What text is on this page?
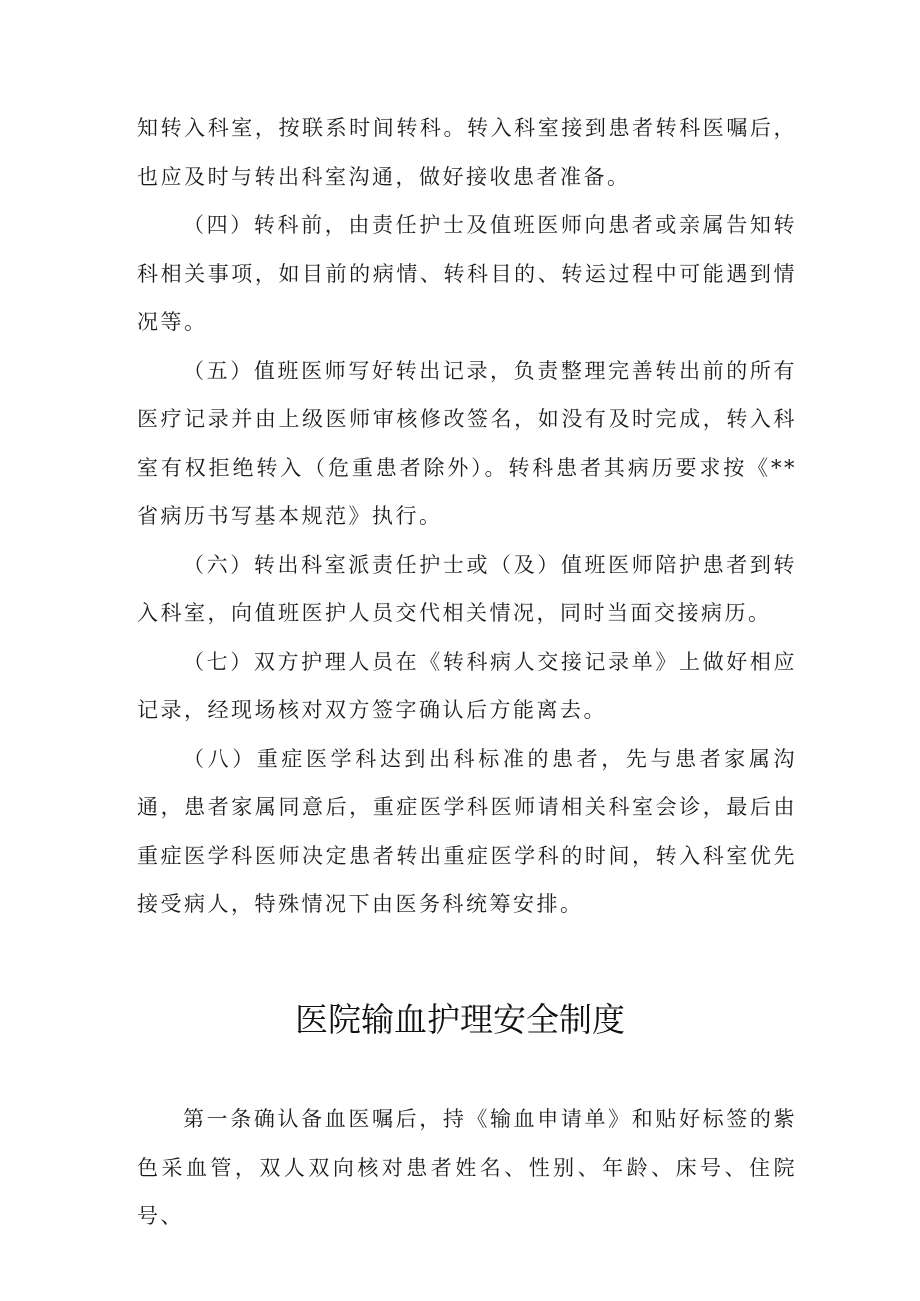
知转入科室，按联系时间转科。转入科室接到患者转科医嘱后，也应及时与转出科室沟通，做好接收患者准备。

（四）转科前，由责任护士及值班医师向患者或亲属告知转科相关事项，如目前的病情、转科目的、转运过程中可能遇到情况等。

（五）值班医师写好转出记录，负责整理完善转出前的所有医疗记录并由上级医师审核修改签名，如没有及时完成，转入科室有权拒绝转入（危重患者除外）。转科患者其病历要求按《**省病历书写基本规范》执行。

（六）转出科室派责任护士或（及）值班医师陪护患者到转入科室，向值班医护人员交代相关情况，同时当面交接病历。

（七）双方护理人员在《转科病人交接记录单》上做好相应记录，经现场核对双方签字确认后方能离去。

（八）重症医学科达到出科标准的患者，先与患者家属沟通，患者家属同意后，重症医学科医师请相关科室会诊，最后由重症医学科医师决定患者转出重症医学科的时间，转入科室优先接受病人，特殊情况下由医务科统筹安排。

医院输血护理安全制度

第一条确认备血医嘱后，持《输血申请单》和贴好标签的紫色采血管，双人双向核对患者姓名、性别、年龄、床号、住院号、
